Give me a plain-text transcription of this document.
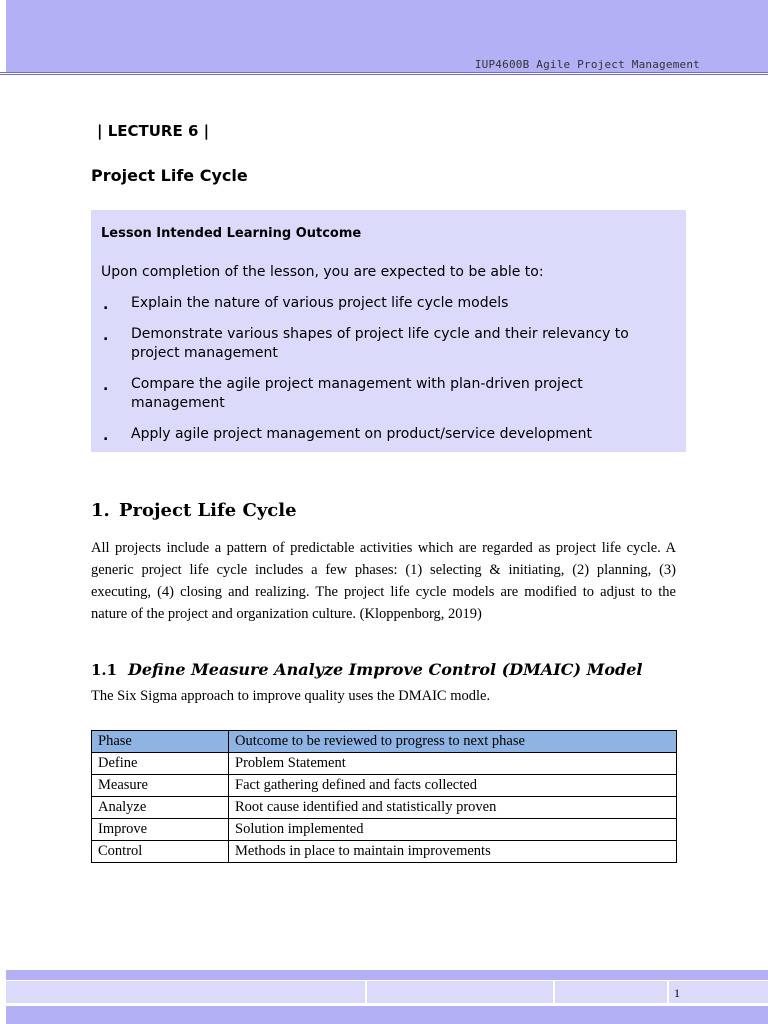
IUP4600B Agile Project Management
| LECTURE 6 |
Project Life Cycle
Lesson Intended Learning Outcome
Upon completion of the lesson, you are expected to be able to:
. Explain the nature of various project life cycle models
. Demonstrate various shapes of project life cycle and their relevancy to project management
. Compare the agile project management with plan-driven project management
. Apply agile project management on product/service development
1. Project Life Cycle

All projects include a pattern of predictable activities which are regarded as project life cycle. A generic project life cycle includes a few phases: (1) selecting & initiating, (2) planning, (3) executing, (4) closing and realizing. The project life cycle models are modified to adjust to the nature of the project and organization culture. (Kloppenborg, 2019)

1.1 Define Measure Analyze Improve Control (DMAIC) Model
The Six Sigma approach to improve quality uses the DMAIC modle.
Phase	Outcome to be reviewed to progress to next phase
Define	Problem Statement
Measure	Fact gathering defined and facts collected
Analyze	Root cause identified and statistically proven
Improve	Solution implemented
Control	Methods in place to maintain improvements
1
